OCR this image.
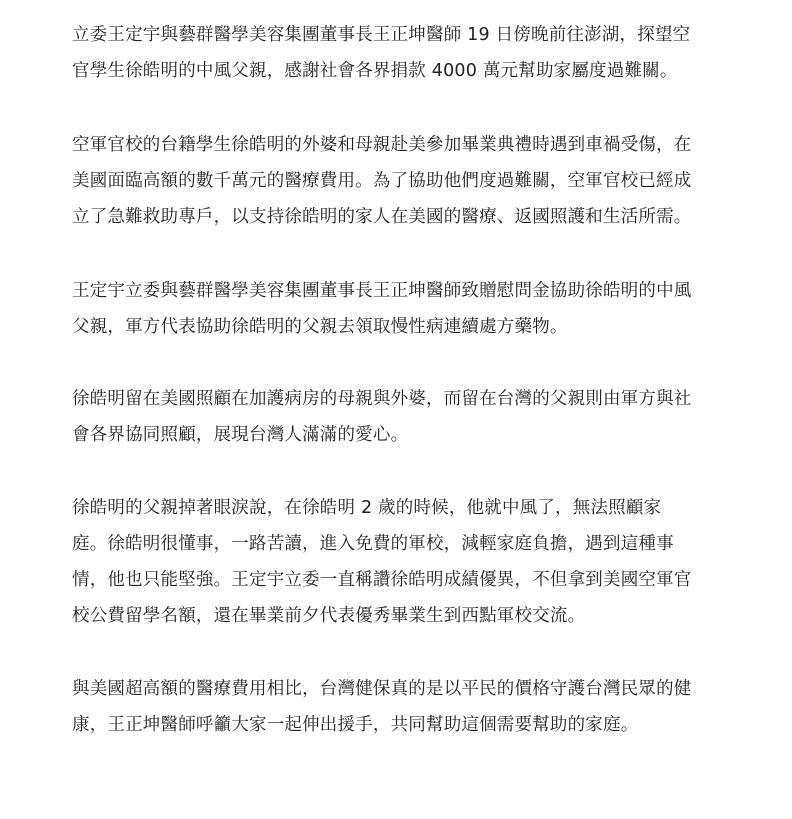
立委王定宇與藝群醫學美容集團董事長王正坤醫師 19 日傍晚前往澎湖，探望空
官學生徐皓明的中風父親，感謝社會各界捐款 4000 萬元幫助家屬度過難關。

空軍官校的台籍學生徐皓明的外婆和母親赴美參加畢業典禮時遇到車禍受傷，在
美國面臨高額的數千萬元的醫療費用。為了協助他們度過難關，空軍官校已經成
立了急難救助專戶，以支持徐皓明的家人在美國的醫療、返國照護和生活所需。

王定宇立委與藝群醫學美容集團董事長王正坤醫師致贈慰問金協助徐皓明的中風
父親，軍方代表協助徐皓明的父親去領取慢性病連續處方藥物。

徐皓明留在美國照顧在加護病房的母親與外婆，而留在台灣的父親則由軍方與社
會各界協同照顧，展現台灣人滿滿的愛心。

徐皓明的父親掉著眼淚說，在徐皓明 2 歲的時候，他就中風了，無法照顧家
庭。徐皓明很懂事，一路苦讀，進入免費的軍校，減輕家庭負擔，遇到這種事
情，他也只能堅強。王定宇立委一直稱讚徐皓明成績優異，不但拿到美國空軍官
校公費留學名額，還在畢業前夕代表優秀畢業生到西點軍校交流。

與美國超高額的醫療費用相比，台灣健保真的是以平民的價格守護台灣民眾的健
康，王正坤醫師呼籲大家一起伸出援手，共同幫助這個需要幫助的家庭。
